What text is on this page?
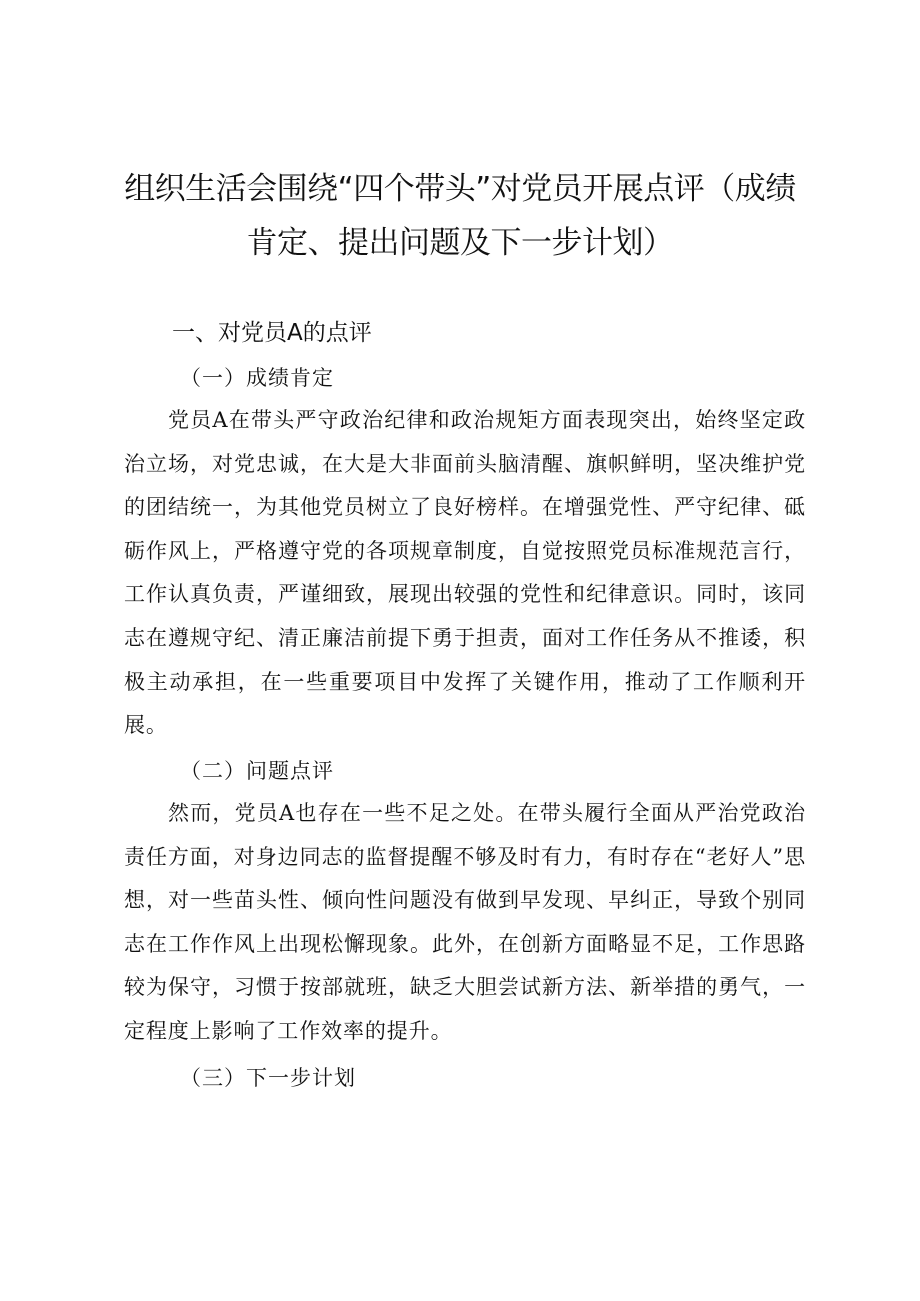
组织生活会围绕“四个带头”对党员开展点评（成绩肯定、提出问题及下一步计划）
一、对党员A的点评
（一）成绩肯定

党员A在带头严守政治纪律和政治规矩方面表现突出，始终坚定政治立场，对党忠诚，在大是大非面前头脑清醒、旗帜鲜明，坚决维护党的团结统一，为其他党员树立了良好榜样。在增强党性、严守纪律、砥砺作风上，严格遵守党的各项规章制度，自觉按照党员标准规范言行，工作认真负责，严谨细致，展现出较强的党性和纪律意识。同时，该同志在遵规守纪、清正廉洁前提下勇于担责，面对工作任务从不推诿，积极主动承担，在一些重要项目中发挥了关键作用，推动了工作顺利开展。

（二）问题点评

然而，党员A也存在一些不足之处。在带头履行全面从严治党政治责任方面，对身边同志的监督提醒不够及时有力，有时存在“老好人”思想，对一些苗头性、倾向性问题没有做到早发现、早纠正，导致个别同志在工作作风上出现松懈现象。此外，在创新方面略显不足，工作思路较为保守，习惯于按部就班，缺乏大胆尝试新方法、新举措的勇气，一定程度上影响了工作效率的提升。

（三）下一步计划
